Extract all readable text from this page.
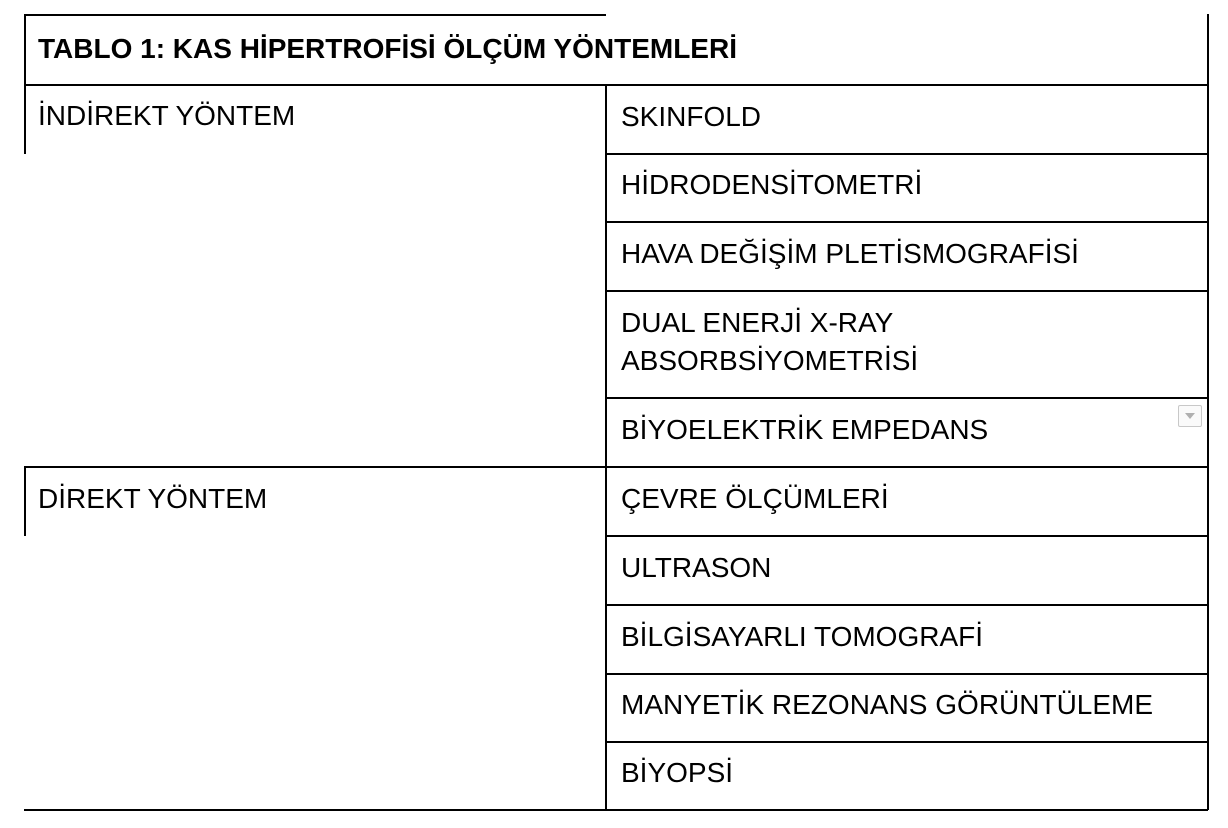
TABLO 1: KAS HİPERTROFİSİ ÖLÇÜM YÖNTEMLERİ
İNDİREKT YÖNTEM
DİREKT YÖNTEM
SKINFOLD
HİDRODENSİTOMETRİ
HAVA DEĞİŞİM PLETİSMOGRAFİSİ
DUAL ENERJİ X-RAY ABSORBSİYOMETRİSİ
BİYOELEKTRİK EMPEDANS
ÇEVRE ÖLÇÜMLERİ
ULTRASON
BİLGİSAYARLI TOMOGRAFİ
MANYETİK REZONANS GÖRÜNTÜLEME
BİYOPSİ
